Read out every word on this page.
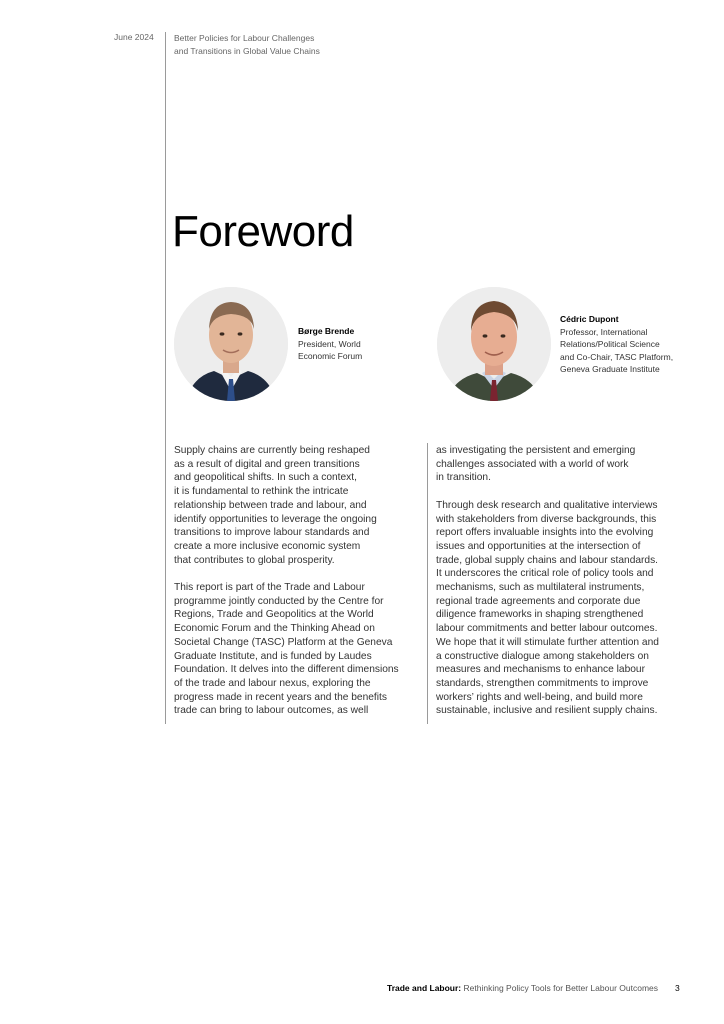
June 2024 Better Policies for Labour Challenges
and Transitions in Global Value Chains
Foreword
Børge Brende
President, World
Economic Forum
Cédric Dupont
Professor, International
Relations/Political Science
and Co-Chair, TASC Platform,
Geneva Graduate Institute
Supply chains are currently being reshaped
as a result of digital and green transitions
and geopolitical shifts. In such a context,
it is fundamental to rethink the intricate
relationship between trade and labour, and
identify opportunities to leverage the ongoing
transitions to improve labour standards and
create a more inclusive economic system
that contributes to global prosperity.
This report is part of the Trade and Labour
programme jointly conducted by the Centre for
Regions, Trade and Geopolitics at the World
Economic Forum and the Thinking Ahead on
Societal Change (TASC) Platform at the Geneva
Graduate Institute, and is funded by Laudes
Foundation. It delves into the different dimensions
of the trade and labour nexus, exploring the
progress made in recent years and the benefits
trade can bring to labour outcomes, as well
as investigating the persistent and emerging
challenges associated with a world of work
in transition.
Through desk research and qualitative interviews
with stakeholders from diverse backgrounds, this
report offers invaluable insights into the evolving
issues and opportunities at the intersection of
trade, global supply chains and labour standards.
It underscores the critical role of policy tools and
mechanisms, such as multilateral instruments,
regional trade agreements and corporate due
diligence frameworks in shaping strengthened
labour commitments and better labour outcomes.
We hope that it will stimulate further attention and
a constructive dialogue among stakeholders on
measures and mechanisms to enhance labour
standards, strengthen commitments to improve
workers’ rights and well-being, and build more
sustainable, inclusive and resilient supply chains.
Trade and Labour: Rethinking Policy Tools for Better Labour Outcomes 3
